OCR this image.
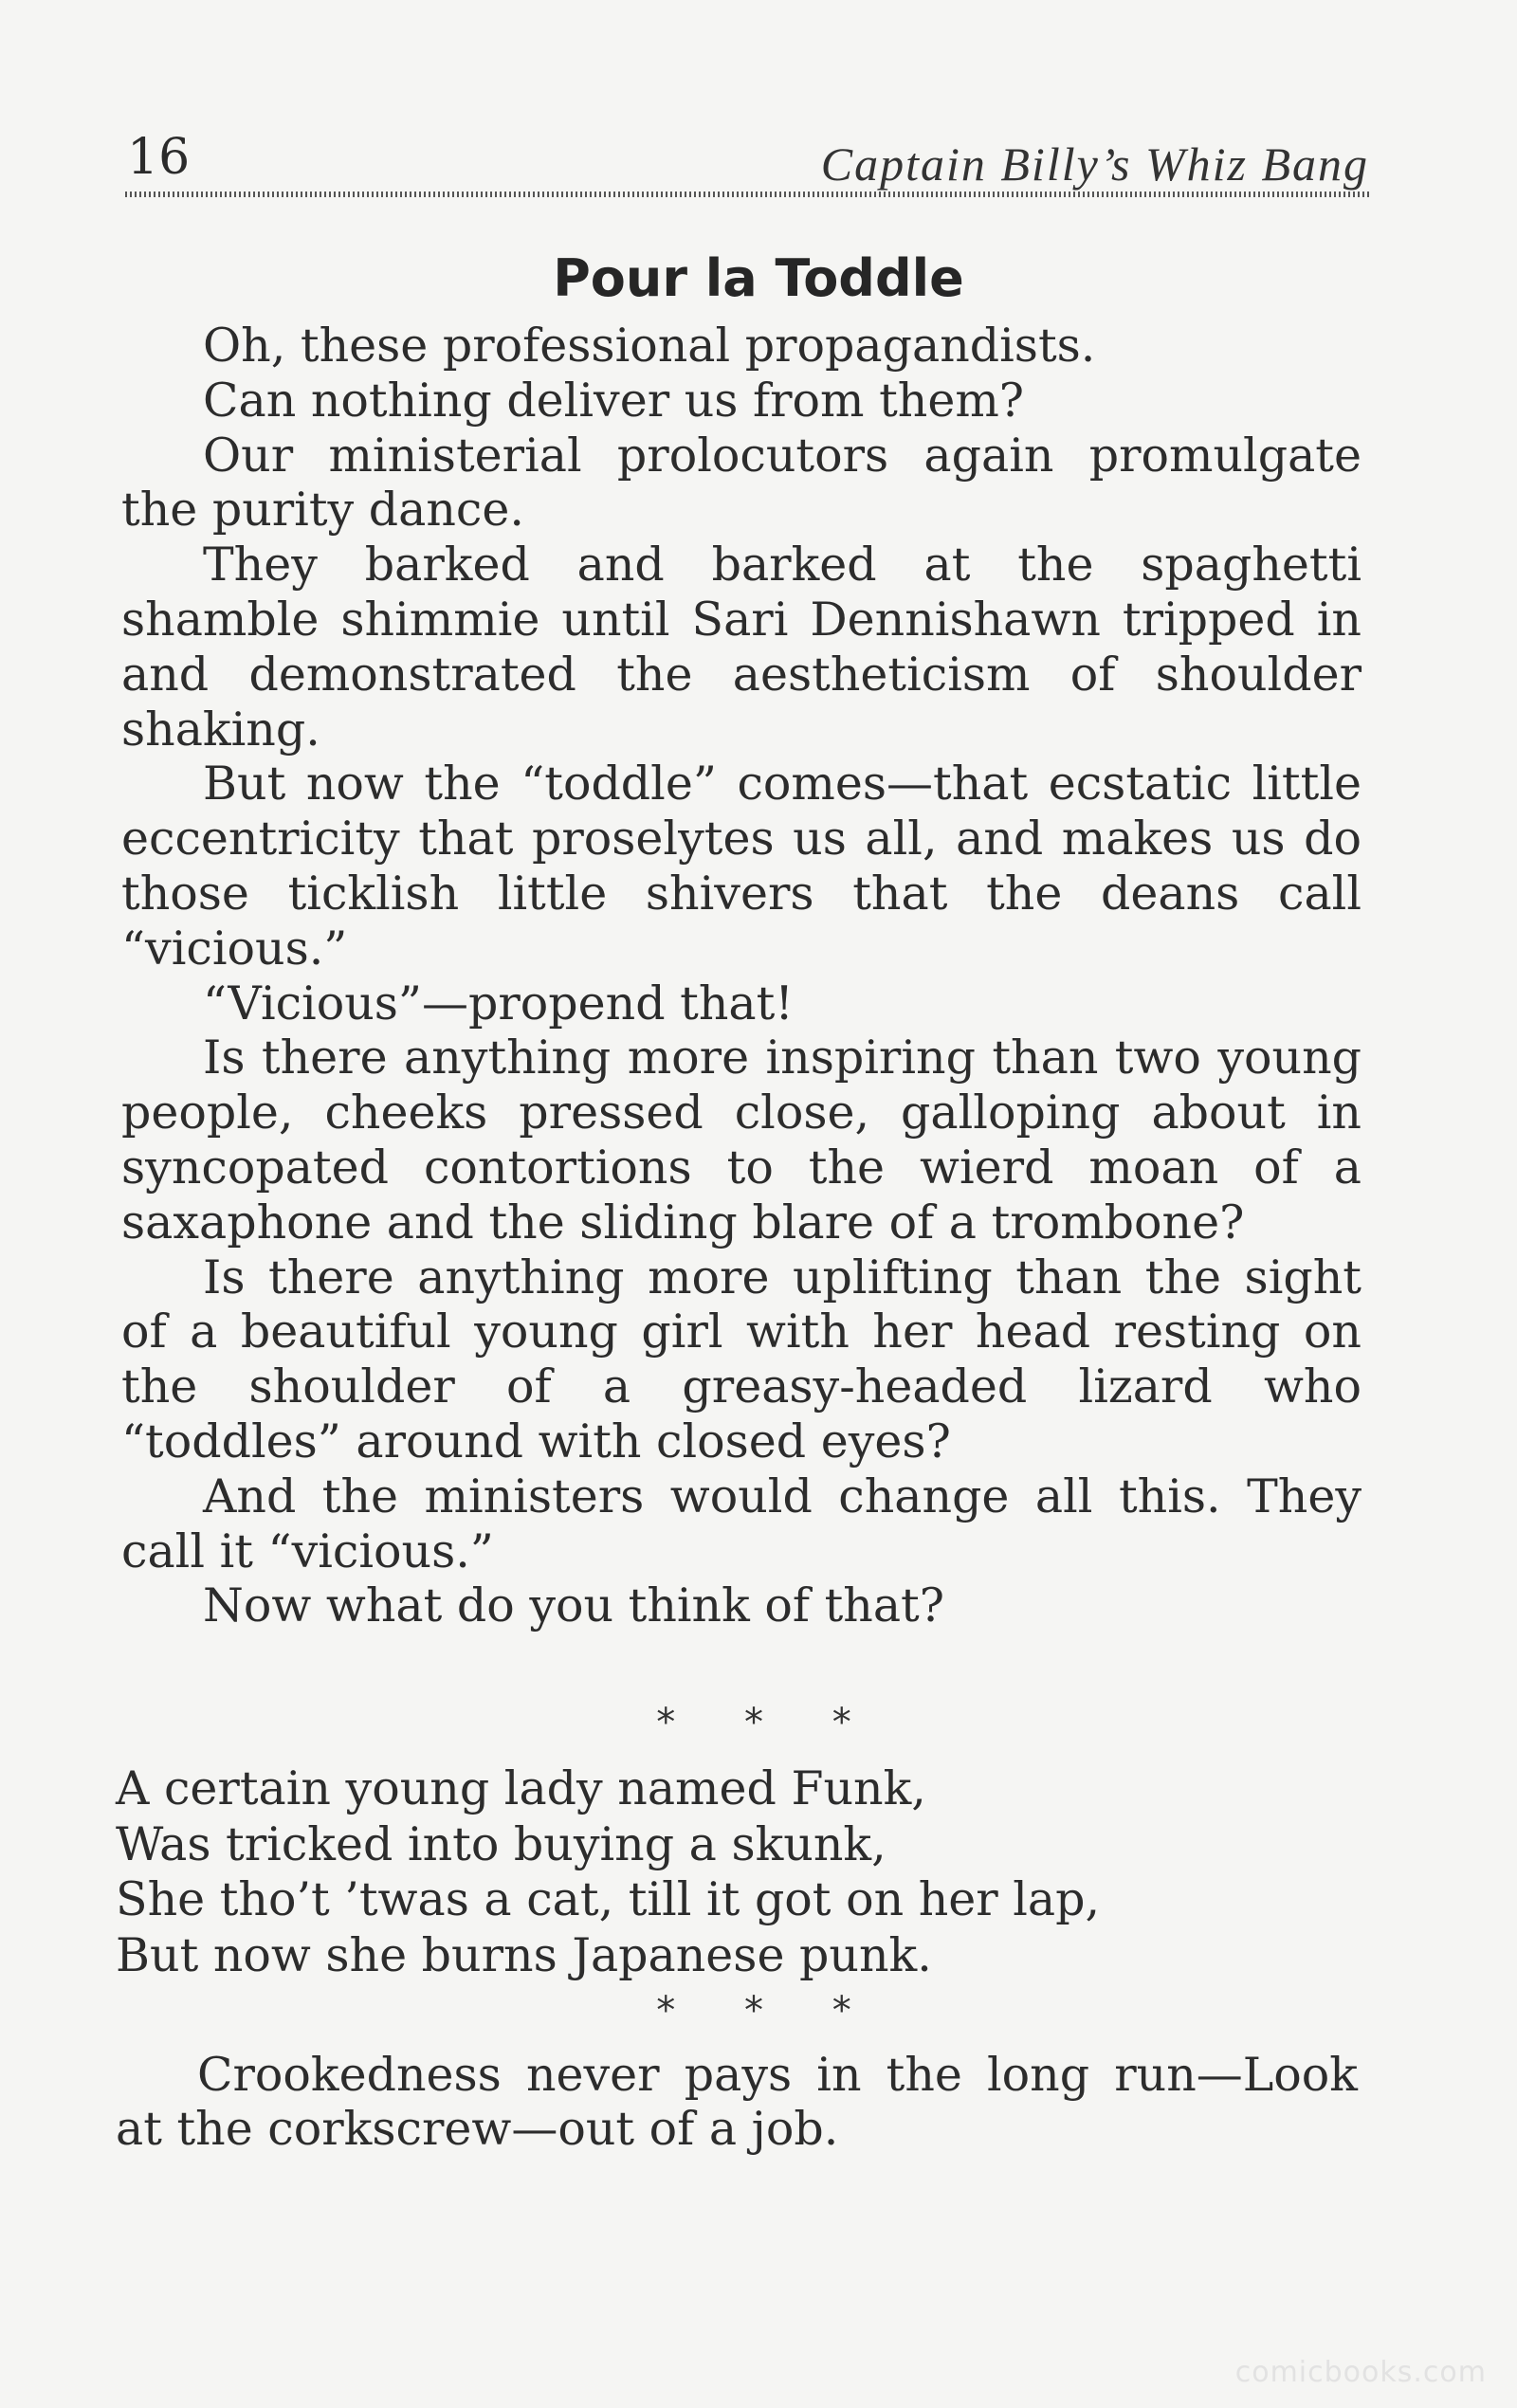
16	Captain Billy’s Whiz Bang
Pour la Toddle

Oh, these professional propagandists.

Can nothing deliver us from them?

Our ministerial prolocutors again promulgate the purity dance.

They barked and barked at the spaghetti shamble shimmie until Sari Dennishawn tripped in and demonstrated the aestheticism of shoulder shaking.

But now the “toddle” comes—that ecstatic little eccentricity that proselytes us all, and makes us do those ticklish little shivers that the deans call “vicious.”

“Vicious”—propend that!

Is there anything more inspiring than two young people, cheeks pressed close, galloping about in syncopated contortions to the wierd moan of a saxaphone and the sliding blare of a trombone?

Is there anything more uplifting than the sight of a beautiful young girl with her head resting on the shoulder of a greasy-headed lizard who “toddles” around with closed eyes?

And the ministers would change all this. They call it “vicious.”

Now what do you think of that?

* * *
A certain young lady named Funk,
Was tricked into buying a skunk,
She tho’t ’twas a cat, till it got on her lap,
But now she burns Japanese punk.
* * *

Crookedness never pays in the long run—Look at the corkscrew—out of a job.

comicbooks.com
